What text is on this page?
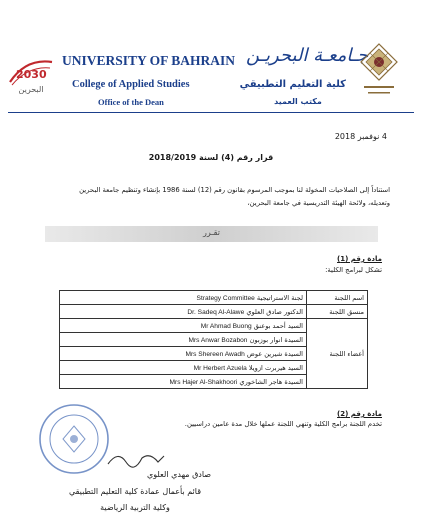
2030
البحرين
UNIVERSITY OF BAHRAIN
College of Applied Studies
Office of the Dean
جـامعـة البحريـن
كلية التعليم التطبيقي
مكتب العميد
4 نوفمبر 2018
قرار رقم (4) لسنة 2018/2019
استناداً إلى الصلاحيات المخولة لنا بموجب المرسوم بقانون رقم (12) لسنة 1986 بإنشاء وتنظيم جامعة البحرين
وتعديله، ولائحة الهيئة التدريسية في جامعة البحرين،
تقـرر
مادة رقم (1)
تشكل لبرامج الكلية:
اسم اللجنة	لجنة الاستراتيجية Strategy Committee
منسق اللجنة	الدكتور صادق العلوي Dr. Sadeq Al-Alawe
أعضاء اللجنة	السيد أحمد بوعنق Mr Ahmad Buong
	السيدة انوار بوزبون Mrs Anwar Bozabon
	السيدة شيرين عوض Mrs Shereen Awadh
	السيد هيربرت ازويلا Mr Herbert Azuela
	السيدة هاجر الشاخوري Mrs Hajer Al-Shakhoori
مادة رقم (2)
تخدم اللجنة برامج الكلية وتنهي اللجنة عملها خلال مدة عامين دراسيين.
صادق مهدي العلوي
قائم بأعمال عمادة كلية التعليم التطبيقي
وكلية التربية الرياضية
